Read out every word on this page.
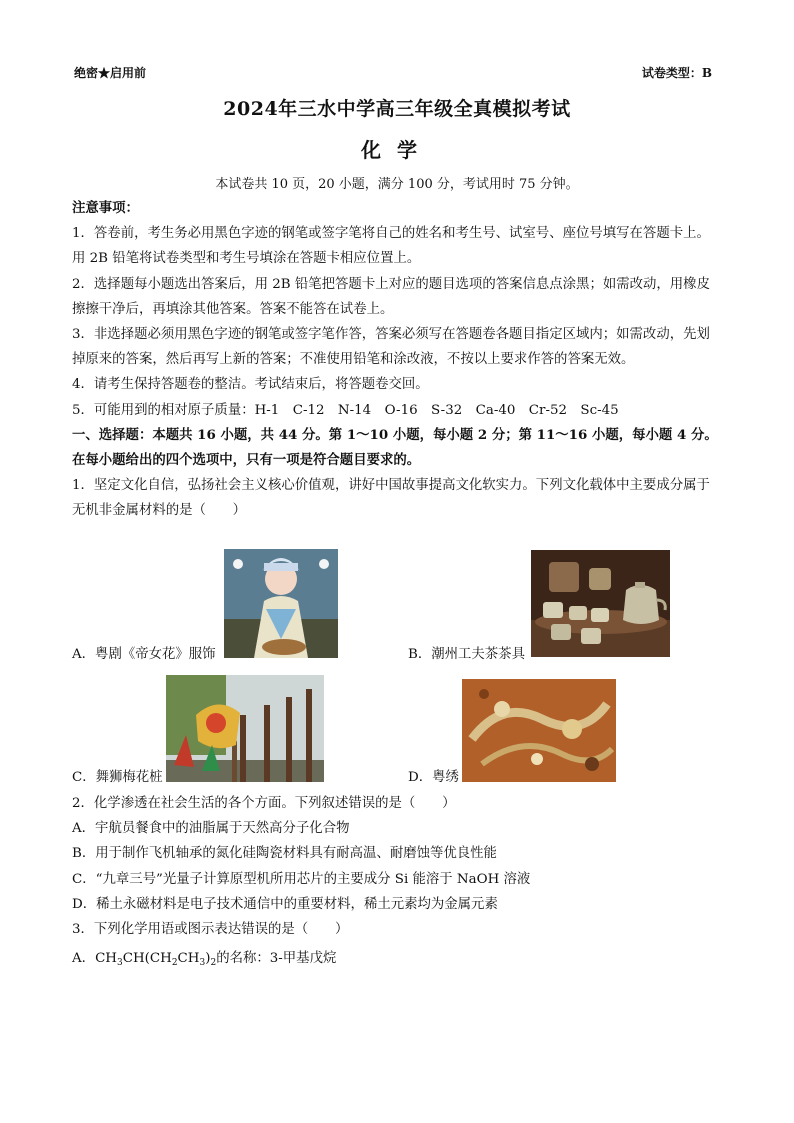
绝密★启用前	试卷类型：B
2024年三水中学高三年级全真模拟考试
化学
本试卷共 10 页，20 小题，满分 100 分，考试用时 75 分钟。

注意事项：

1．答卷前，考生务必用黑色字迹的钢笔或签字笔将自己的姓名和考生号、试室号、座位号填写在答题卡上。用 2B 铅笔将试卷类型和考生号填涂在答题卡相应位置上。

2．选择题每小题选出答案后，用 2B 铅笔把答题卡上对应的题目选项的答案信息点涂黑；如需改动，用橡皮擦擦干净后，再填涂其他答案。答案不能答在试卷上。

3．非选择题必须用黑色字迹的钢笔或签字笔作答，答案必须写在答题卷各题目指定区域内；如需改动，先划掉原来的答案，然后再写上新的答案；不准使用铅笔和涂改液，不按以上要求作答的答案无效。

4．请考生保持答题卷的整洁。考试结束后，将答题卷交回。

5．可能用到的相对原子质量：H-1　C-12　N-14　O-16　S-32　Ca-40　Cr-52　Sc-45

一、选择题：本题共 16 小题，共 44 分。第 1～10 小题，每小题 2 分；第 11～16 小题，每小题 4 分。在每小题给出的四个选项中，只有一项是符合题目要求的。

1．坚定文化自信，弘扬社会主义核心价值观，讲好中国故事提高文化软实力。下列文化载体中主要成分属于无机非金属材料的是（　　）

A．粤剧《帝女花》服饰	B．潮州工夫茶茶具
C．舞狮梅花桩	D．粤绣

2．化学渗透在社会生活的各个方面。下列叙述错误的是（　　）

A．宇航员餐食中的油脂属于天然高分子化合物

B．用于制作飞机轴承的氮化硅陶瓷材料具有耐高温、耐磨蚀等优良性能

C．“九章三号”光量子计算原型机所用芯片的主要成分 Si 能溶于 NaOH 溶液

D．稀土永磁材料是电子技术通信中的重要材料，稀土元素均为金属元素

3．下列化学用语或图示表达错误的是（　　）

A．$CH_3CH(CH_2CH_3)_2$的名称：3-甲基戊烷
